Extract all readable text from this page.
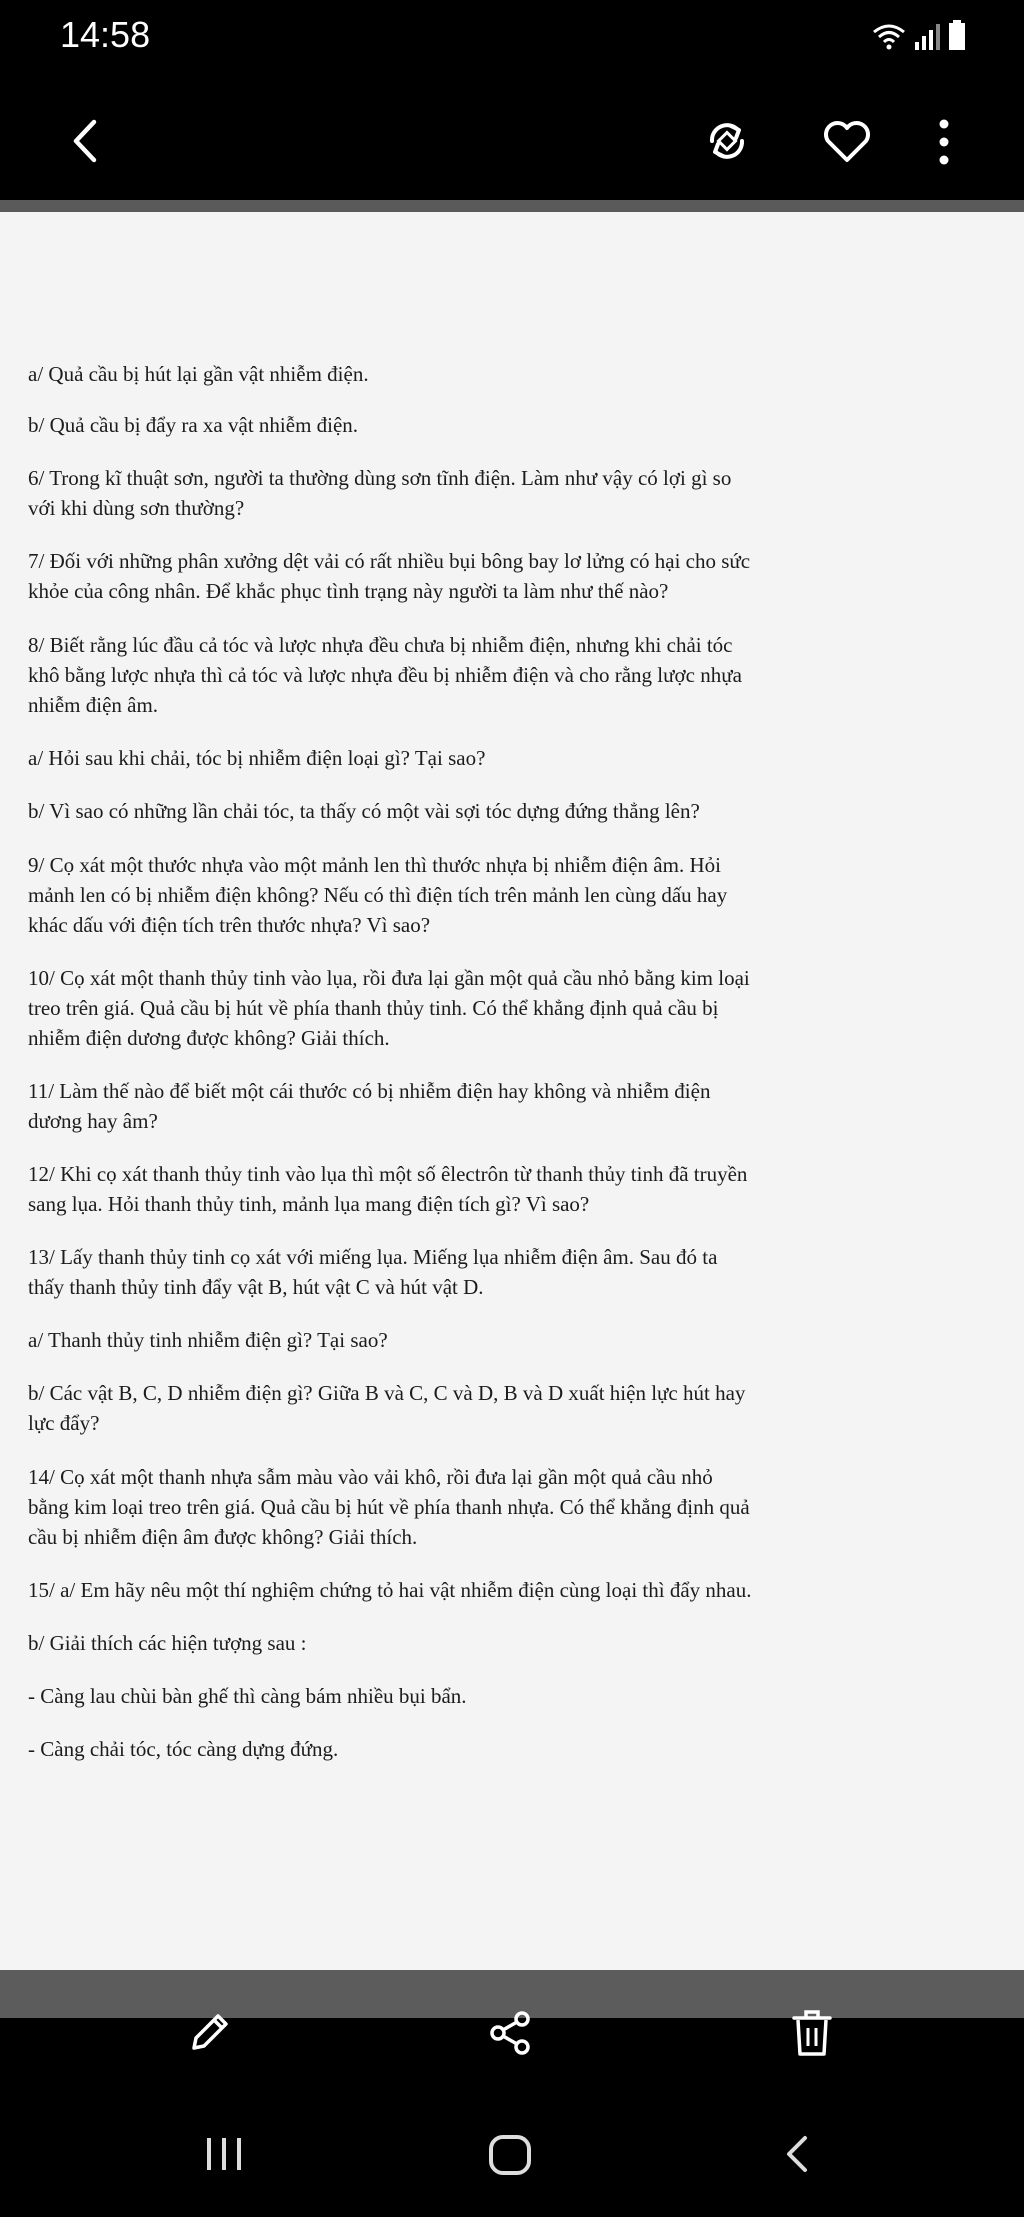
14:58

a/ Quả cầu bị hút lại gần vật nhiễm điện.

b/ Quả cầu bị đẩy ra xa vật nhiễm điện.

6/ Trong kĩ thuật sơn, người ta thường dùng sơn tĩnh điện. Làm như vậy có lợi gì so

với khi dùng sơn thường?

7/ Đối với những phân xưởng dệt vải có rất nhiều bụi bông bay lơ lửng có hại cho sức

khỏe của công nhân. Để khắc phục tình trạng này người ta làm như thế nào?

8/ Biết rằng lúc đầu cả tóc và lược nhựa đều chưa bị nhiễm điện, nhưng khi chải tóc

khô bằng lược nhựa thì cả tóc và lược nhựa đều bị nhiễm điện và cho rằng lược nhựa

nhiễm điện âm.

a/ Hỏi sau khi chải, tóc bị nhiễm điện loại gì? Tại sao?

b/ Vì sao có những lần chải tóc, ta thấy có một vài sợi tóc dựng đứng thẳng lên?

9/ Cọ xát một thước nhựa vào một mảnh len thì thước nhựa bị nhiễm điện âm. Hỏi

mảnh len có bị nhiễm điện không? Nếu có thì điện tích trên mảnh len cùng dấu hay

khác dấu với điện tích trên thước nhựa? Vì sao?

10/ Cọ xát một thanh thủy tinh vào lụa, rồi đưa lại gần một quả cầu nhỏ bằng kim loại

treo trên giá. Quả cầu bị hút về phía thanh thủy tinh. Có thể khẳng định quả cầu bị

nhiễm điện dương được không? Giải thích.

11/ Làm thế nào để biết một cái thước có bị nhiễm điện hay không và nhiễm điện

dương hay âm?

12/ Khi cọ xát thanh thủy tinh vào lụa thì một số êlectrôn từ thanh thủy tinh đã truyền

sang lụa. Hỏi thanh thủy tinh, mảnh lụa mang điện tích gì? Vì sao?

13/ Lấy thanh thủy tinh cọ xát với miếng lụa. Miếng lụa nhiễm điện âm. Sau đó ta

thấy thanh thủy tinh đẩy vật B, hút vật C và hút vật D.

a/ Thanh thủy tinh nhiễm điện gì? Tại sao?

b/ Các vật B, C, D nhiễm điện gì? Giữa B và C, C và D, B và D xuất hiện lực hút hay

lực đẩy?

14/ Cọ xát một thanh nhựa sẫm màu vào vải khô, rồi đưa lại gần một quả cầu nhỏ

bằng kim loại treo trên giá. Quả cầu bị hút về phía thanh nhựa. Có thể khẳng định quả

cầu bị nhiễm điện âm được không? Giải thích.

15/ a/ Em hãy nêu một thí nghiệm chứng tỏ hai vật nhiễm điện cùng loại thì đẩy nhau.

b/ Giải thích các hiện tượng sau :

- Càng lau chùi bàn ghế thì càng bám nhiều bụi bẩn.

- Càng chải tóc, tóc càng dựng đứng.
